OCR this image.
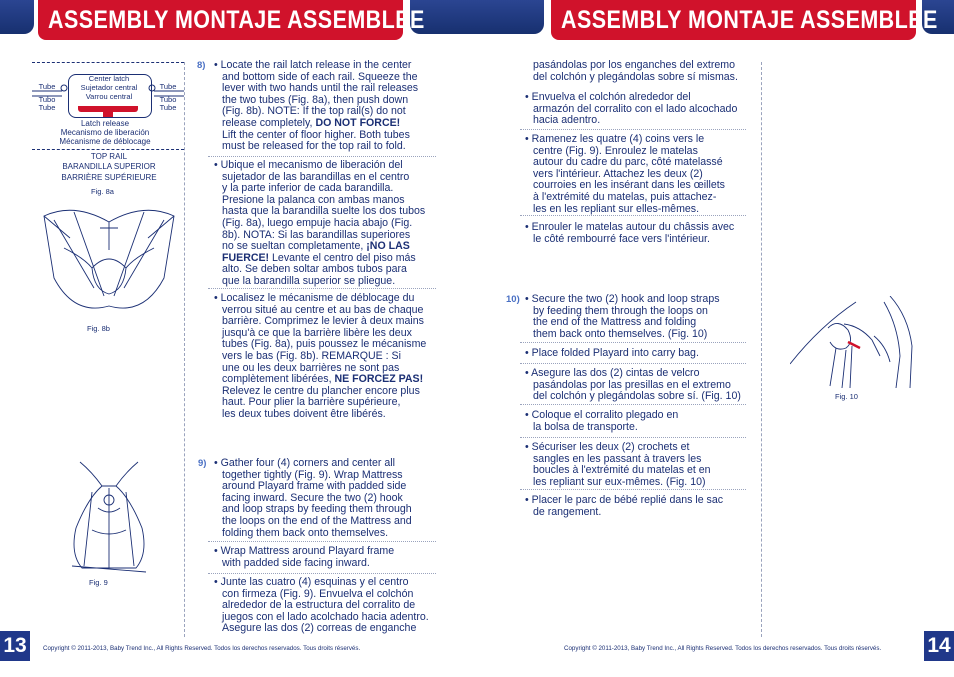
ASSEMBLY MONTAJE ASSEMBLEE	ASSEMBLY MONTAJE ASSEMBLEE
Tube
Tubo
Tube
Center latch
Sujetador central
Varrou central
Tube
Tubo
Tube
Latch release
Mecanismo de liberación
Mécanisme de déblocage
TOP RAIL
BARANDILLA SUPERIOR
BARRIÈRE SUPÉRIEURE
Fig. 8a
Fig. 8b
Fig. 9
8) • Locate the rail latch release in the center
and bottom side of each rail. Squeeze the
lever with two hands until the rail releases
the two tubes (Fig. 8a), then push down
(Fig. 8b). NOTE: If the top rail(s) do not
release completely, DO NOT FORCE!
Lift the center of floor higher. Both tubes
must be released for the top rail to fold.
• Ubique el mecanismo de liberación del
sujetador de las barandillas en el centro
y la parte inferior de cada barandilla.
Presione la palanca con ambas manos
hasta que la barandilla suelte los dos tubos
(Fig. 8a), luego empuje hacia abajo (Fig.
8b). NOTA: Si las barandillas superiores
no se sueltan completamente, ¡NO LAS
FUERCE! Levante el centro del piso más
alto. Se deben soltar ambos tubos para
que la barandilla superior se pliegue.
• Localisez le mécanisme de déblocage du
verrou situé au centre et au bas de chaque
barrière. Comprimez le levier à deux mains
jusqu'à ce que la barrière libère les deux
tubes (Fig. 8a), puis poussez le mécanisme
vers le bas (Fig. 8b). REMARQUE : Si
une ou les deux barrières ne sont pas
complètement libérées, NE FORCEZ PAS!
Relevez le centre du plancher encore plus
haut. Pour plier la barrière supérieure,
les deux tubes doivent être libérés.
9) • Gather four (4) corners and center all
together tightly (Fig. 9). Wrap Mattress
around Playard frame with padded side
facing inward. Secure the two (2) hook
and loop straps by feeding them through
the loops on the end of the Mattress and
folding them back onto themselves.
• Wrap Mattress around Playard frame
with padded side facing inward.
• Junte las cuatro (4) esquinas y el centro
con firmeza (Fig. 9). Envuelva el colchón
alrededor de la estructura del corralito de
juegos con el lado acolchado hacia adentro.
Asegure las dos (2) correas de enganche
13	Copyright © 2011-2013, Baby Trend Inc., All Rights Reserved. Todos los derechos reservados. Tous droits réservés.
pasándolas por los enganches del extremo
del colchón y plegándolas sobre sí mismas.
• Envuelva el colchón alrededor del
armazón del corralito con el lado alcochado
hacia adentro.
• Ramenez les quatre (4) coins vers le
centre (Fig. 9). Enroulez le matelas
autour du cadre du parc, côté matelassé
vers l'intérieur. Attachez les deux (2)
courroies en les insérant dans les œillets
à l'extrémité du matelas, puis attachez-
les en les repliant sur elles-mêmes.
• Enrouler le matelas autour du châssis avec
le côté rembourré face vers l'intérieur.
10) • Secure the two (2) hook and loop straps
by feeding them through the loops on
the end of the Mattress and folding
them back onto themselves. (Fig. 10)
• Place folded Playard into carry bag.
• Asegure las dos (2) cintas de velcro
pasándolas por las presillas en el extremo
del colchón y plegándolas sobre sí. (Fig. 10)
• Coloque el corralito plegado en
la bolsa de transporte.
• Sécuriser les deux (2) crochets et
sangles en les passant à travers les
boucles à l'extrémité du matelas et en
les repliant sur eux-mêmes. (Fig. 10)
• Placer le parc de bébé replié dans le sac
de rangement.
Fig. 10
Copyright © 2011-2013, Baby Trend Inc., All Rights Reserved. Todos los derechos reservados. Tous droits réservés. 14
